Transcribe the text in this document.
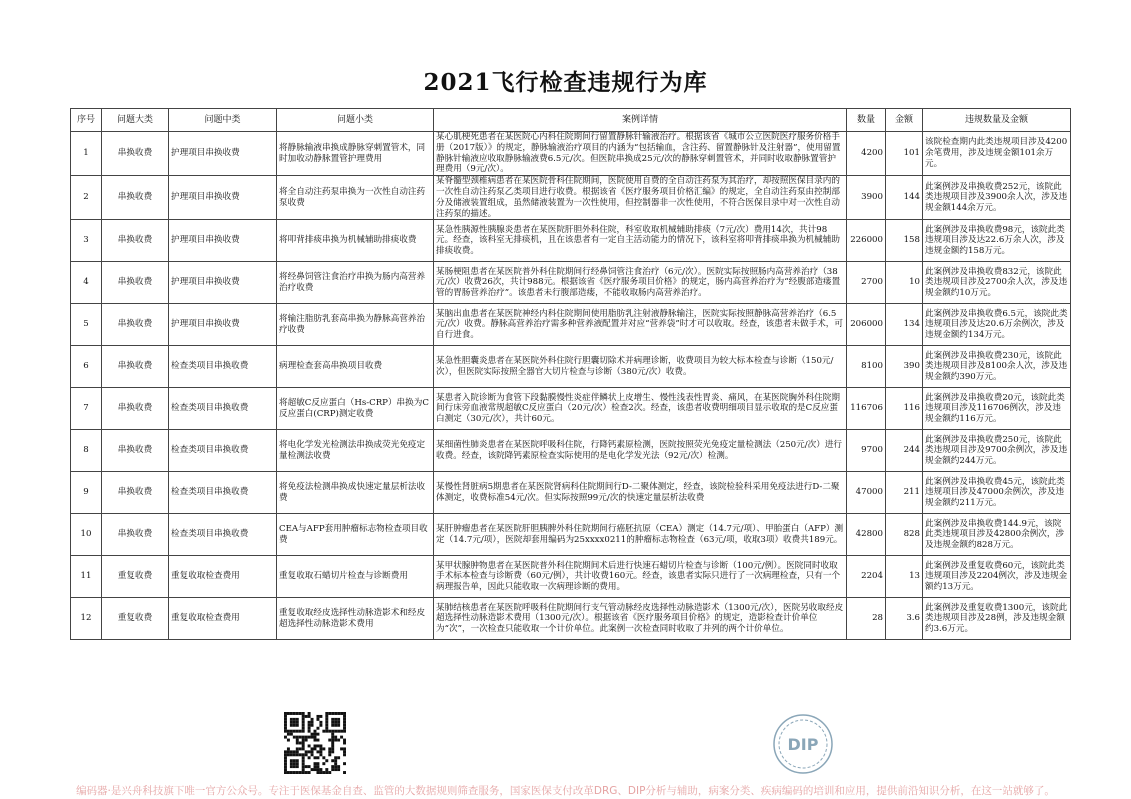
2021飞行检查违规行为库
序号	问题大类	问题中类	问题小类	案例详情	数量	金额	违规数量及金额
1	串换收费	护理项目串换收费	将静脉输液串换成静脉穿刺置管术，同时加收动静脉置管护理费用	某心肌梗死患者在某医院心内科住院期间行留置静脉针输液治疗。根据该省《城市公立医院医疗服务价格手册（2017版）》的规定，静脉输液治疗项目的内涵为“包括输血，含注药、留置静脉针及注射器”，使用留置静脉针输液应收取静脉输液费6.5元/次。但医院串换成25元/次的静脉穿刺置管术，并同时收取静脉置管护理费用（9元/次）。	4200	101	该院检查期内此类违规项目涉及4200余笔费用，涉及违规金额101余万元。
2	串换收费	护理项目串换收费	将全自动注药泵串换为一次性自动注药泵收费	某脊髓型颈椎病患者在某医院骨科住院期间，医院使用自费的全自动注药泵为其治疗，却按照医保目录内的一次性自动注药泵乙类项目进行收费。根据该省《医疗服务项目价格汇编》的规定，全自动注药泵由控制部分及储液装置组成，虽然储液装置为一次性使用，但控制器非一次性使用，不符合医保目录中对一次性自动注药泵的描述。	3900	144	此案例涉及串换收费252元，该院此类违规项目涉及3900余人次，涉及违规金额144余万元。
3	串换收费	护理项目串换收费	将叩背排痰串换为机械辅助排痰收费	某急性胰源性胰腺炎患者在某医院肝胆外科住院，科室收取机械辅助排痰（7元/次）费用14次，共计98元。经查，该科室无排痰机，且在该患者有一定自主活动能力的情况下，该科室将叩背排痰串换为机械辅助排痰收费。	226000	158	此案例涉及串换收费98元，该院此类违规项目涉及达22.6万余人次，涉及违规金额约158万元。
4	串换收费	护理项目串换收费	将经鼻饲管注食治疗串换为肠内高营养治疗收费	某肠梗阻患者在某医院普外科住院期间行经鼻饲管注食治疗（6元/次）。医院实际按照肠内高营养治疗（38元/次）收费26次，共计988元。根据该省《医疗服务项目价格》的规定，肠内高营养治疗为“经腹部造瘘置管的胃肠营养治疗”。该患者未行腹部造瘘，不能收取肠内高营养治疗。	2700	10	此案例涉及串换收费832元，该院此类违规项目涉及2700余人次，涉及违规金额约10万元。
5	串换收费	护理项目串换收费	将输注脂肪乳套高串换为静脉高营养治疗收费	某脑出血患者在某医院神经内科住院期间使用脂肪乳注射液静脉输注，医院实际按照静脉高营养治疗（6.5元/次）收费。静脉高营养治疗需多种营养液配置并对应“营养袋”时才可以收取。经查，该患者未做手术，可自行进食。	206000	134	此案例涉及串换收费6.5元，该院此类违规项目涉及达20.6万余例次，涉及违规金额约134万元。
6	串换收费	检查类项目串换收费	病理检查套高串换项目收费	某急性胆囊炎患者在某医院外科住院行胆囊切除术并病理诊断，收费项目为较大标本检查与诊断（150元/次），但医院实际按照全器官大切片检查与诊断（380元/次）收费。	8100	390	此案例涉及串换收费230元，该院此类违规项目涉及8100余人次，涉及违规金额约390万元。
7	串换收费	检查类项目串换收费	将超敏C反应蛋白（Hs-CRP）串换为C反应蛋白(CRP)测定收费	某患者入院诊断为食管下段黏膜慢性炎症伴鳞状上皮增生、慢性浅表性胃炎、痛风，在某医院胸外科住院期间行床旁血液常规超敏C反应蛋白（20元/次）检查2次。经查，该患者收费明细项目显示收取的是C反应蛋白测定（30元/次），共计60元。	116706	116	此案例涉及串换收费20元，该院此类违规项目涉及116706例次，涉及违规金额约116万元。
8	串换收费	检查类项目串换收费	将电化学发光检测法串换成荧光免疫定量检测法收费	某细菌性肺炎患者在某医院呼吸科住院，行降钙素原检测，医院按照荧光免疫定量检测法（250元/次）进行收费。经查，该院降钙素原检查实际使用的是电化学发光法（92元/次）检测。	9700	244	此案例涉及串换收费250元，该院此类违规项目涉及9700余例次，涉及违规金额约244万元。
9	串换收费	检查类项目串换收费	将免疫法检测串换成快速定量层析法收费	某慢性肾脏病5期患者在某医院肾病科住院期间行D-二聚体测定，经查，该院检验科采用免疫法进行D-二聚体测定，收费标准54元/次。但实际按照99元/次的快速定量层析法收费	47000	211	此案例涉及串换收费45元，该院此类违规项目涉及47000余例次，涉及违规金额约211万元。
10	串换收费	检查类项目串换收费	CEA与AFP套用肿瘤标志物检查项目收费	某肝肿瘤患者在某医院肝胆胰脾外科住院期间行癌胚抗原（CEA）测定（14.7元/项）、甲胎蛋白（AFP）测定（14.7元/项），医院却套用编码为25xxxx0211的肿瘤标志物检查（63元/项，收取3项）收费共189元。	42800	828	此案例涉及串换收费144.9元，该院此类违规项目涉及42800余例次，涉及违规金额约828万元。
11	重复收费	重复收取检查费用	重复收取石蜡切片检查与诊断费用	某甲状腺肿物患者在某医院普外科住院期间术后进行快速石蜡切片检查与诊断（100元/例）。医院同时收取手术标本检查与诊断费（60元/例），共计收费160元。经查，该患者实际只进行了一次病理检查，只有一个病理报告单，因此只能收取一次病理诊断的费用。	2204	13	此案例涉及重复收费60元，该院此类违规项目涉及2204例次，涉及违规金额约13万元。
12	重复收费	重复收取检查费用	重复收取经皮选择性动脉造影术和经皮超选择性动脉造影术费用	某肺结核患者在某医院呼吸科住院期间行支气管动脉经皮选择性动脉造影术（1300元/次），医院另收取经皮超选择性动脉造影术费用（1300元/次）。根据该省《医疗服务项目价格》的规定，造影检查计价单位为“次”，一次检查只能收取一个计价单位。此案例一次检查同时收取了并列的两个计价单位。	28	3.6	此案例涉及重复收费1300元，该院此类违规项目涉及28例，涉及违规金额约3.6万元。
DIP
编码器·是兴舟科技旗下唯一官方公众号。专注于医保基金自查、监管的大数据规则筛查服务，国家医保支付改革DRG、DIP分析与辅助，病案分类、疾病编码的培训和应用，提供前沿知识分析，在这一站就够了。
